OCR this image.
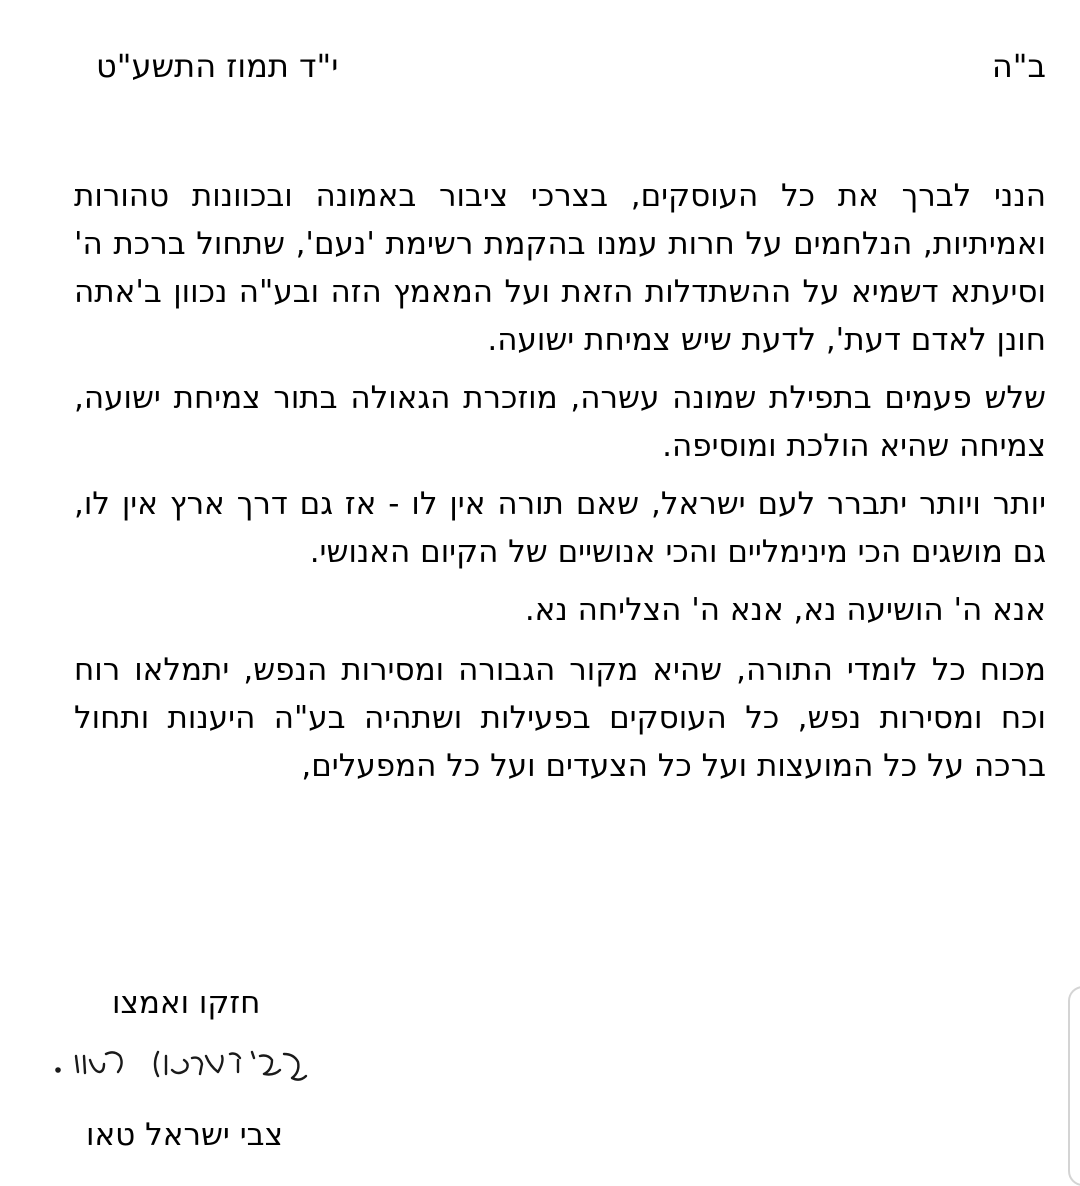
ב"ה
י"ד תמוז התשע"ט

הנני לברך את כל העוסקים, בצרכי ציבור באמונה ובכוונות טהורות ואמיתיות, הנלחמים על חרות עמנו בהקמת רשימת 'נעם', שתחול ברכת ה' וסיעתא דשמיא על ההשתדלות הזאת ועל המאמץ הזה ובע"ה נכוון ב'אתה חונן לאדם דעת', לדעת שיש צמיחת ישועה.

שלש פעמים בתפילת שמונה עשרה, מוזכרת הגאולה בתור צמיחת ישועה, צמיחה שהיא הולכת ומוסיפה.

יותר ויותר יתברר לעם ישראל, שאם תורה אין לו - אז גם דרך ארץ אין לו, גם מושגים הכי מינימליים והכי אנושיים של הקיום האנושי.

אנא ה' הושיעה נא, אנא ה' הצליחה נא.

מכוח כל לומדי התורה, שהיא מקור הגבורה ומסירות הנפש, יתמלאו רוח וכח ומסירות נפש, כל העוסקים בפעילות ושתהיה בע"ה היענות ותחול ברכה על כל המועצות ועל כל הצעדים ועל כל המפעלים,

חזקו ואמצו
צבי ישראל טאו
